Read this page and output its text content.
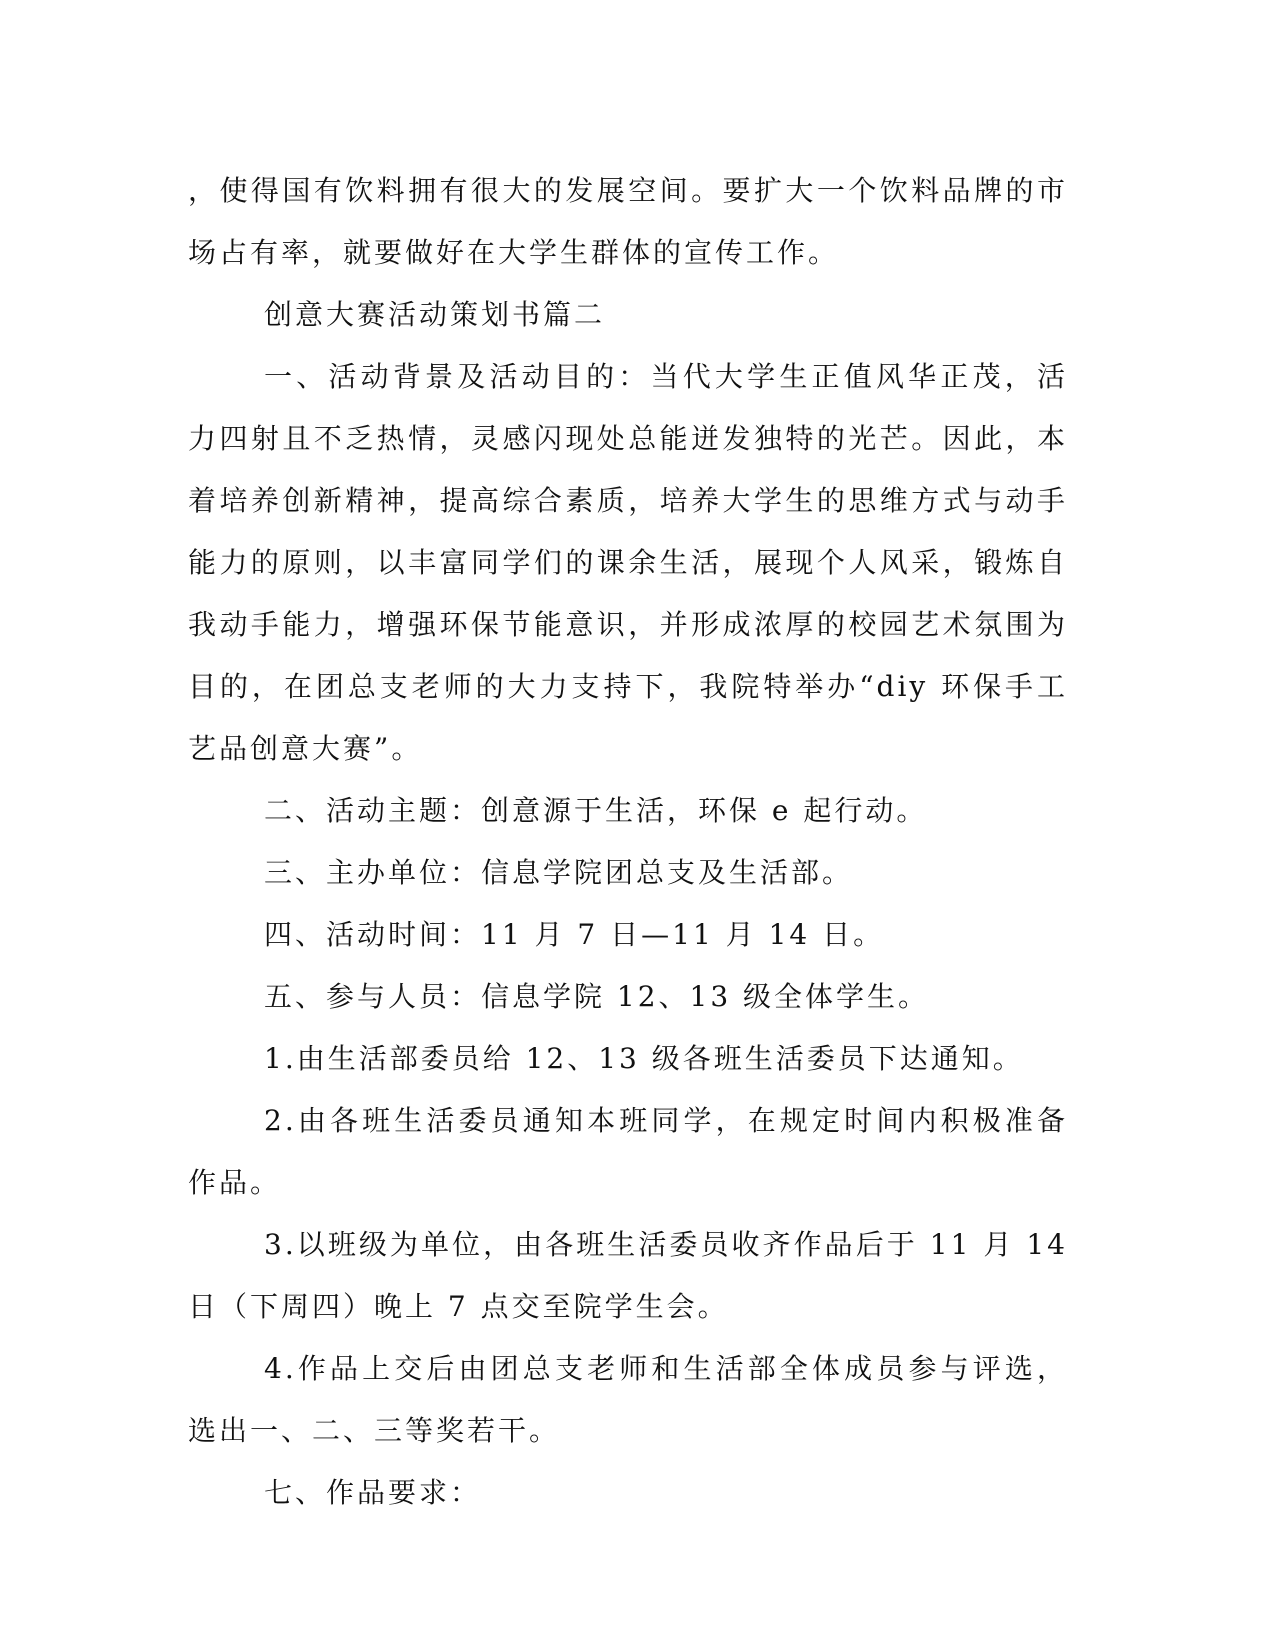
，使得国有饮料拥有很大的发展空间。要扩大一个饮料品牌的市场占有率，就要做好在大学生群体的宣传工作。

创意大赛活动策划书篇二

一、活动背景及活动目的：当代大学生正值风华正茂，活力四射且不乏热情，灵感闪现处总能迸发独特的光芒。因此，本着培养创新精神，提高综合素质，培养大学生的思维方式与动手能力的原则，以丰富同学们的课余生活，展现个人风采，锻炼自我动手能力，增强环保节能意识，并形成浓厚的校园艺术氛围为目的，在团总支老师的大力支持下，我院特举办“diy 环保手工艺品创意大赛”。

二、活动主题：创意源于生活，环保 e 起行动。

三、主办单位：信息学院团总支及生活部。

四、活动时间：11 月 7 日—11 月 14 日。

五、参与人员：信息学院 12、13 级全体学生。

1.由生活部委员给 12、13 级各班生活委员下达通知。

2.由各班生活委员通知本班同学，在规定时间内积极准备作品。

3.以班级为单位，由各班生活委员收齐作品后于 11 月 14 日（下周四）晚上 7 点交至院学生会。

4.作品上交后由团总支老师和生活部全体成员参与评选，选出一、二、三等奖若干。

七、作品要求：
